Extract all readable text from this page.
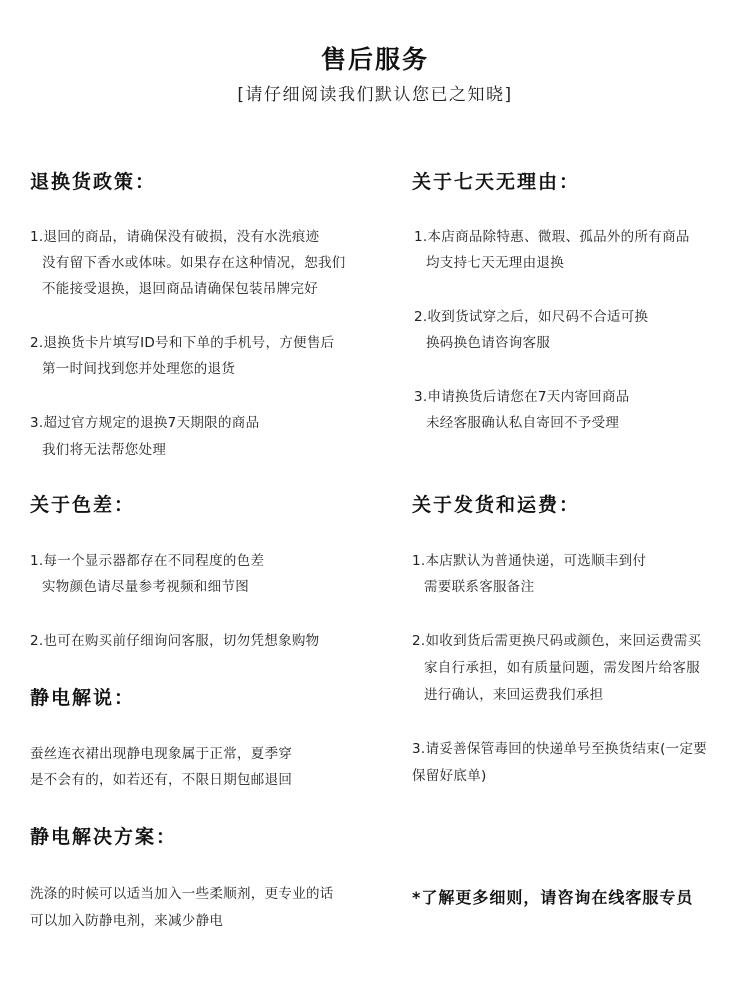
售后服务
[请仔细阅读我们默认您已之知晓]
退换货政策：
1.退回的商品，请确保没有破损，没有水洗痕迹
没有留下香水或体味。如果存在这种情况，恕我们
不能接受退换，退回商品请确保包装吊牌完好
2.退换货卡片填写ID号和下单的手机号，方便售后
第一时间找到您并处理您的退货
3.超过官方规定的退换7天期限的商品
我们将无法帮您处理
关于七天无理由：
1.本店商品除特惠、微瑕、孤品外的所有商品
均支持七天无理由退换
2.收到货试穿之后，如尺码不合适可换
换码换色请咨询客服
3.申请换货后请您在7天内寄回商品
未经客服确认私自寄回不予受理
关于色差：
1.每一个显示器都存在不同程度的色差
实物颜色请尽量参考视频和细节图
2.也可在购买前仔细询问客服，切勿凭想象购物
关于发货和运费：
1.本店默认为普通快递，可选顺丰到付
需要联系客服备注
2.如收到货后需更换尺码或颜色，来回运费需买
家自行承担，如有质量问题，需发图片给客服
进行确认，来回运费我们承担
3.请妥善保管毒回的快递单号至换货结束(一定要
保留好底单)
静电解说：
蚕丝连衣裙出现静电现象属于正常，夏季穿
是不会有的，如若还有，不限日期包邮退回
静电解决方案：
洗涤的时候可以适当加入一些柔顺剂，更专业的话
可以加入防静电剂，来减少静电
*了解更多细则，请咨询在线客服专员
